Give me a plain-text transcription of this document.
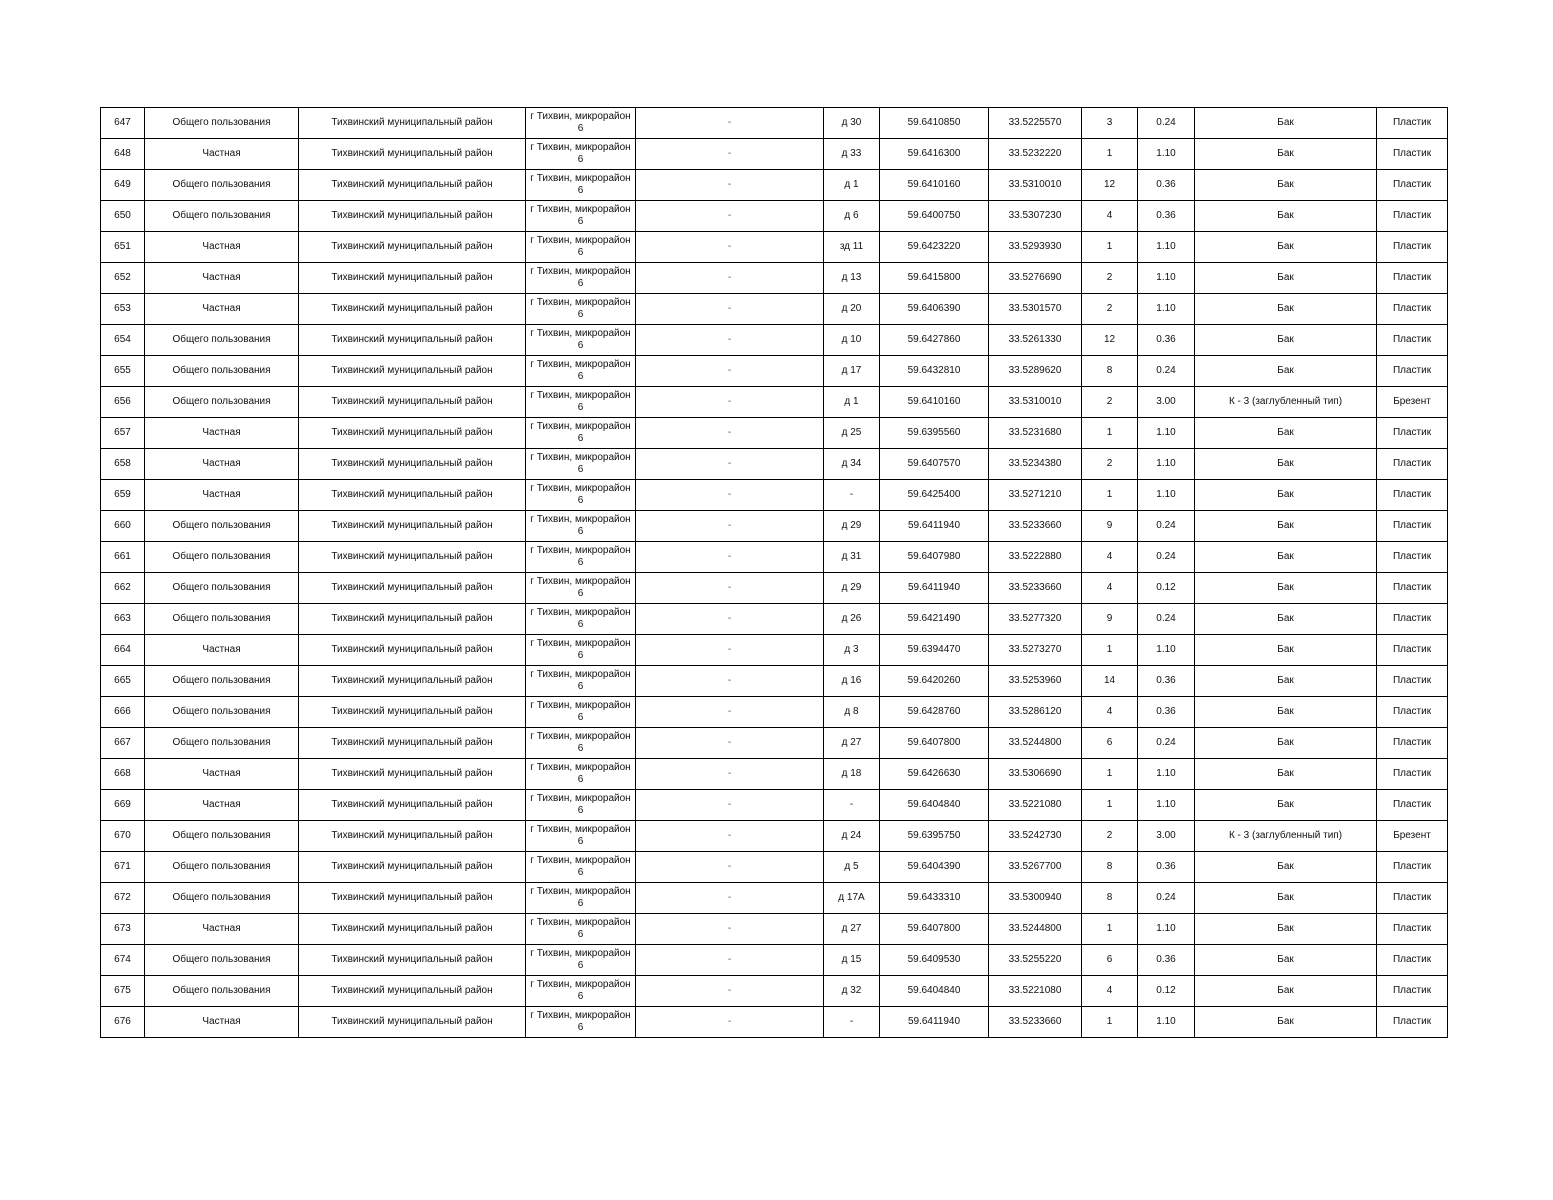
647	Общего пользования	Тихвинский муниципальный район	г Тихвин, микрорайон 6	-	д 30	59.6410850	33.5225570	3	0.24	Бак	Пластик
648	Частная	Тихвинский муниципальный район	г Тихвин, микрорайон 6	-	д 33	59.6416300	33.5232220	1	1.10	Бак	Пластик
649	Общего пользования	Тихвинский муниципальный район	г Тихвин, микрорайон 6	-	д 1	59.6410160	33.5310010	12	0.36	Бак	Пластик
650	Общего пользования	Тихвинский муниципальный район	г Тихвин, микрорайон 6	-	д 6	59.6400750	33.5307230	4	0.36	Бак	Пластик
651	Частная	Тихвинский муниципальный район	г Тихвин, микрорайон 6	-	зд 11	59.6423220	33.5293930	1	1.10	Бак	Пластик
652	Частная	Тихвинский муниципальный район	г Тихвин, микрорайон 6	-	д 13	59.6415800	33.5276690	2	1.10	Бак	Пластик
653	Частная	Тихвинский муниципальный район	г Тихвин, микрорайон 6	-	д 20	59.6406390	33.5301570	2	1.10	Бак	Пластик
654	Общего пользования	Тихвинский муниципальный район	г Тихвин, микрорайон 6	-	д 10	59.6427860	33.5261330	12	0.36	Бак	Пластик
655	Общего пользования	Тихвинский муниципальный район	г Тихвин, микрорайон 6	-	д 17	59.6432810	33.5289620	8	0.24	Бак	Пластик
656	Общего пользования	Тихвинский муниципальный район	г Тихвин, микрорайон 6	-	д 1	59.6410160	33.5310010	2	3.00	К - 3 (заглубленный тип)	Брезент
657	Частная	Тихвинский муниципальный район	г Тихвин, микрорайон 6	-	д 25	59.6395560	33.5231680	1	1.10	Бак	Пластик
658	Частная	Тихвинский муниципальный район	г Тихвин, микрорайон 6	-	д 34	59.6407570	33.5234380	2	1.10	Бак	Пластик
659	Частная	Тихвинский муниципальный район	г Тихвин, микрорайон 6	-	-	59.6425400	33.5271210	1	1.10	Бак	Пластик
660	Общего пользования	Тихвинский муниципальный район	г Тихвин, микрорайон 6	-	д 29	59.6411940	33.5233660	9	0.24	Бак	Пластик
661	Общего пользования	Тихвинский муниципальный район	г Тихвин, микрорайон 6	-	д 31	59.6407980	33.5222880	4	0.24	Бак	Пластик
662	Общего пользования	Тихвинский муниципальный район	г Тихвин, микрорайон 6	-	д 29	59.6411940	33.5233660	4	0.12	Бак	Пластик
663	Общего пользования	Тихвинский муниципальный район	г Тихвин, микрорайон 6	-	д 26	59.6421490	33.5277320	9	0.24	Бак	Пластик
664	Частная	Тихвинский муниципальный район	г Тихвин, микрорайон 6	-	д 3	59.6394470	33.5273270	1	1.10	Бак	Пластик
665	Общего пользования	Тихвинский муниципальный район	г Тихвин, микрорайон 6	-	д 16	59.6420260	33.5253960	14	0.36	Бак	Пластик
666	Общего пользования	Тихвинский муниципальный район	г Тихвин, микрорайон 6	-	д 8	59.6428760	33.5286120	4	0.36	Бак	Пластик
667	Общего пользования	Тихвинский муниципальный район	г Тихвин, микрорайон 6	-	д 27	59.6407800	33.5244800	6	0.24	Бак	Пластик
668	Частная	Тихвинский муниципальный район	г Тихвин, микрорайон 6	-	д 18	59.6426630	33.5306690	1	1.10	Бак	Пластик
669	Частная	Тихвинский муниципальный район	г Тихвин, микрорайон 6	-	-	59.6404840	33.5221080	1	1.10	Бак	Пластик
670	Общего пользования	Тихвинский муниципальный район	г Тихвин, микрорайон 6	-	д 24	59.6395750	33.5242730	2	3.00	К - 3 (заглубленный тип)	Брезент
671	Общего пользования	Тихвинский муниципальный район	г Тихвин, микрорайон 6	-	д 5	59.6404390	33.5267700	8	0.36	Бак	Пластик
672	Общего пользования	Тихвинский муниципальный район	г Тихвин, микрорайон 6	-	д 17А	59.6433310	33.5300940	8	0.24	Бак	Пластик
673	Частная	Тихвинский муниципальный район	г Тихвин, микрорайон 6	-	д 27	59.6407800	33.5244800	1	1.10	Бак	Пластик
674	Общего пользования	Тихвинский муниципальный район	г Тихвин, микрорайон 6	-	д 15	59.6409530	33.5255220	6	0.36	Бак	Пластик
675	Общего пользования	Тихвинский муниципальный район	г Тихвин, микрорайон 6	-	д 32	59.6404840	33.5221080	4	0.12	Бак	Пластик
676	Частная	Тихвинский муниципальный район	г Тихвин, микрорайон 6	-	-	59.6411940	33.5233660	1	1.10	Бак	Пластик
